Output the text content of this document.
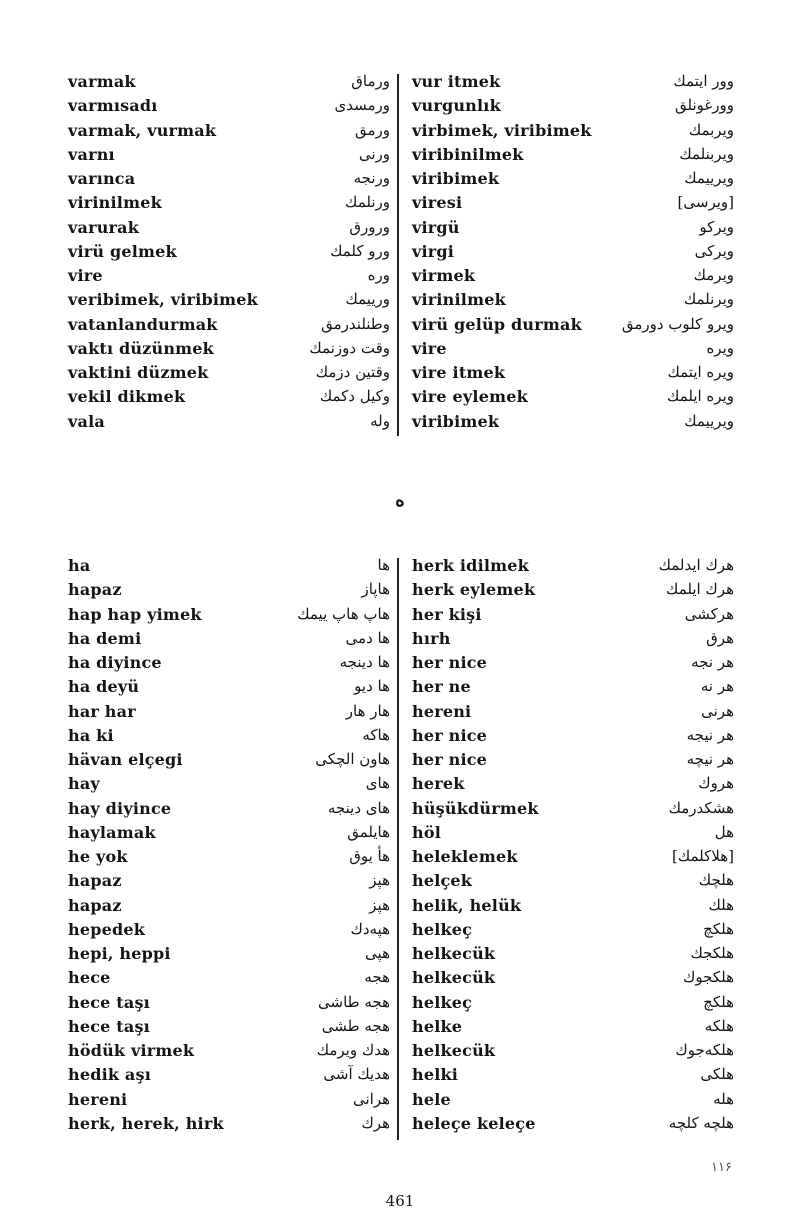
varmak	ورماق vur itmek	وور ايتمك
varmısadı	ورمسدى vurgunlık	وورغونلق
varmak, vurmak	ورمق virbimek, viribimek	ويربمك
varnı	ورنى viribinilmek	ويربنلمك
varınca	ورنجه viribimek	ويرييمك
virinilmek	ورنلمك viresi	[ويرسى]
varurak	ورورق virgü	ويركو
virü gelmek	ورو كلمك virgi	ويركى
vire	وره virmek	ويرمك
veribimek, viribimek	ورييمك virinilmek	ويرنلمك
vatanlandurmak	وطنلندرمق virü gelüp durmak	ويرو كلوب دورمق
vaktı düzünmek	وقت دوزنمك vire	ويره
vaktini düzmek	وقتين دزمك vire itmek	ويره ايتمك
vekil dikmek	وكيل دكمك vire eylemek	ويره ايلمك
vala	وله viribimek	ويرييمك
ه
ha	ها herk idilmek	هرك ايدلمك
hapaz	هاپاز herk eylemek	هرك ايلمك
hap hap yimek	هاپ هاپ ييمك her kişi	هركشى
ha demi	ها دمى hırh	هرق
ha diyince	ها دينجه her nice	هر نجه
ha deyü	ها ديو her ne	هر نه
har har	هار هار hereni	هرنى
ha ki	هاكه her nice	هر نيجه
hävan elçegi	هاون الچكى her nice	هر نيچه
hay	هاى herek	هروك
hay diyince	هاى دينجه hüşükdürmek	هشكدرمك
haylamak	هايلمق höl	هل
he yok	هأ يوق heleklemek	[هلاكلمك]
hapaz	هپز helçek	هلچك
hapaz	هپز helik, helük	هلك
hepedek	هپەدك helkeç	هلكچ
hepi, heppi	هپى helkecük	هلكجك
hece	هجه helkecük	هلكجوك
hece taşı	هجه طاشى helkeç	هلكچ
hece taşı	هجه طشى helke	هلكه
hödük virmek	هدك ويرمك helkecük	هلكەجوك
hedik aşı	هديك آشى helki	هلكى
hereni	هرانى hele	هله
herk, herek, hirk	هرك heleçe keleçe	هلچه كلچه
۱۱۶
461
